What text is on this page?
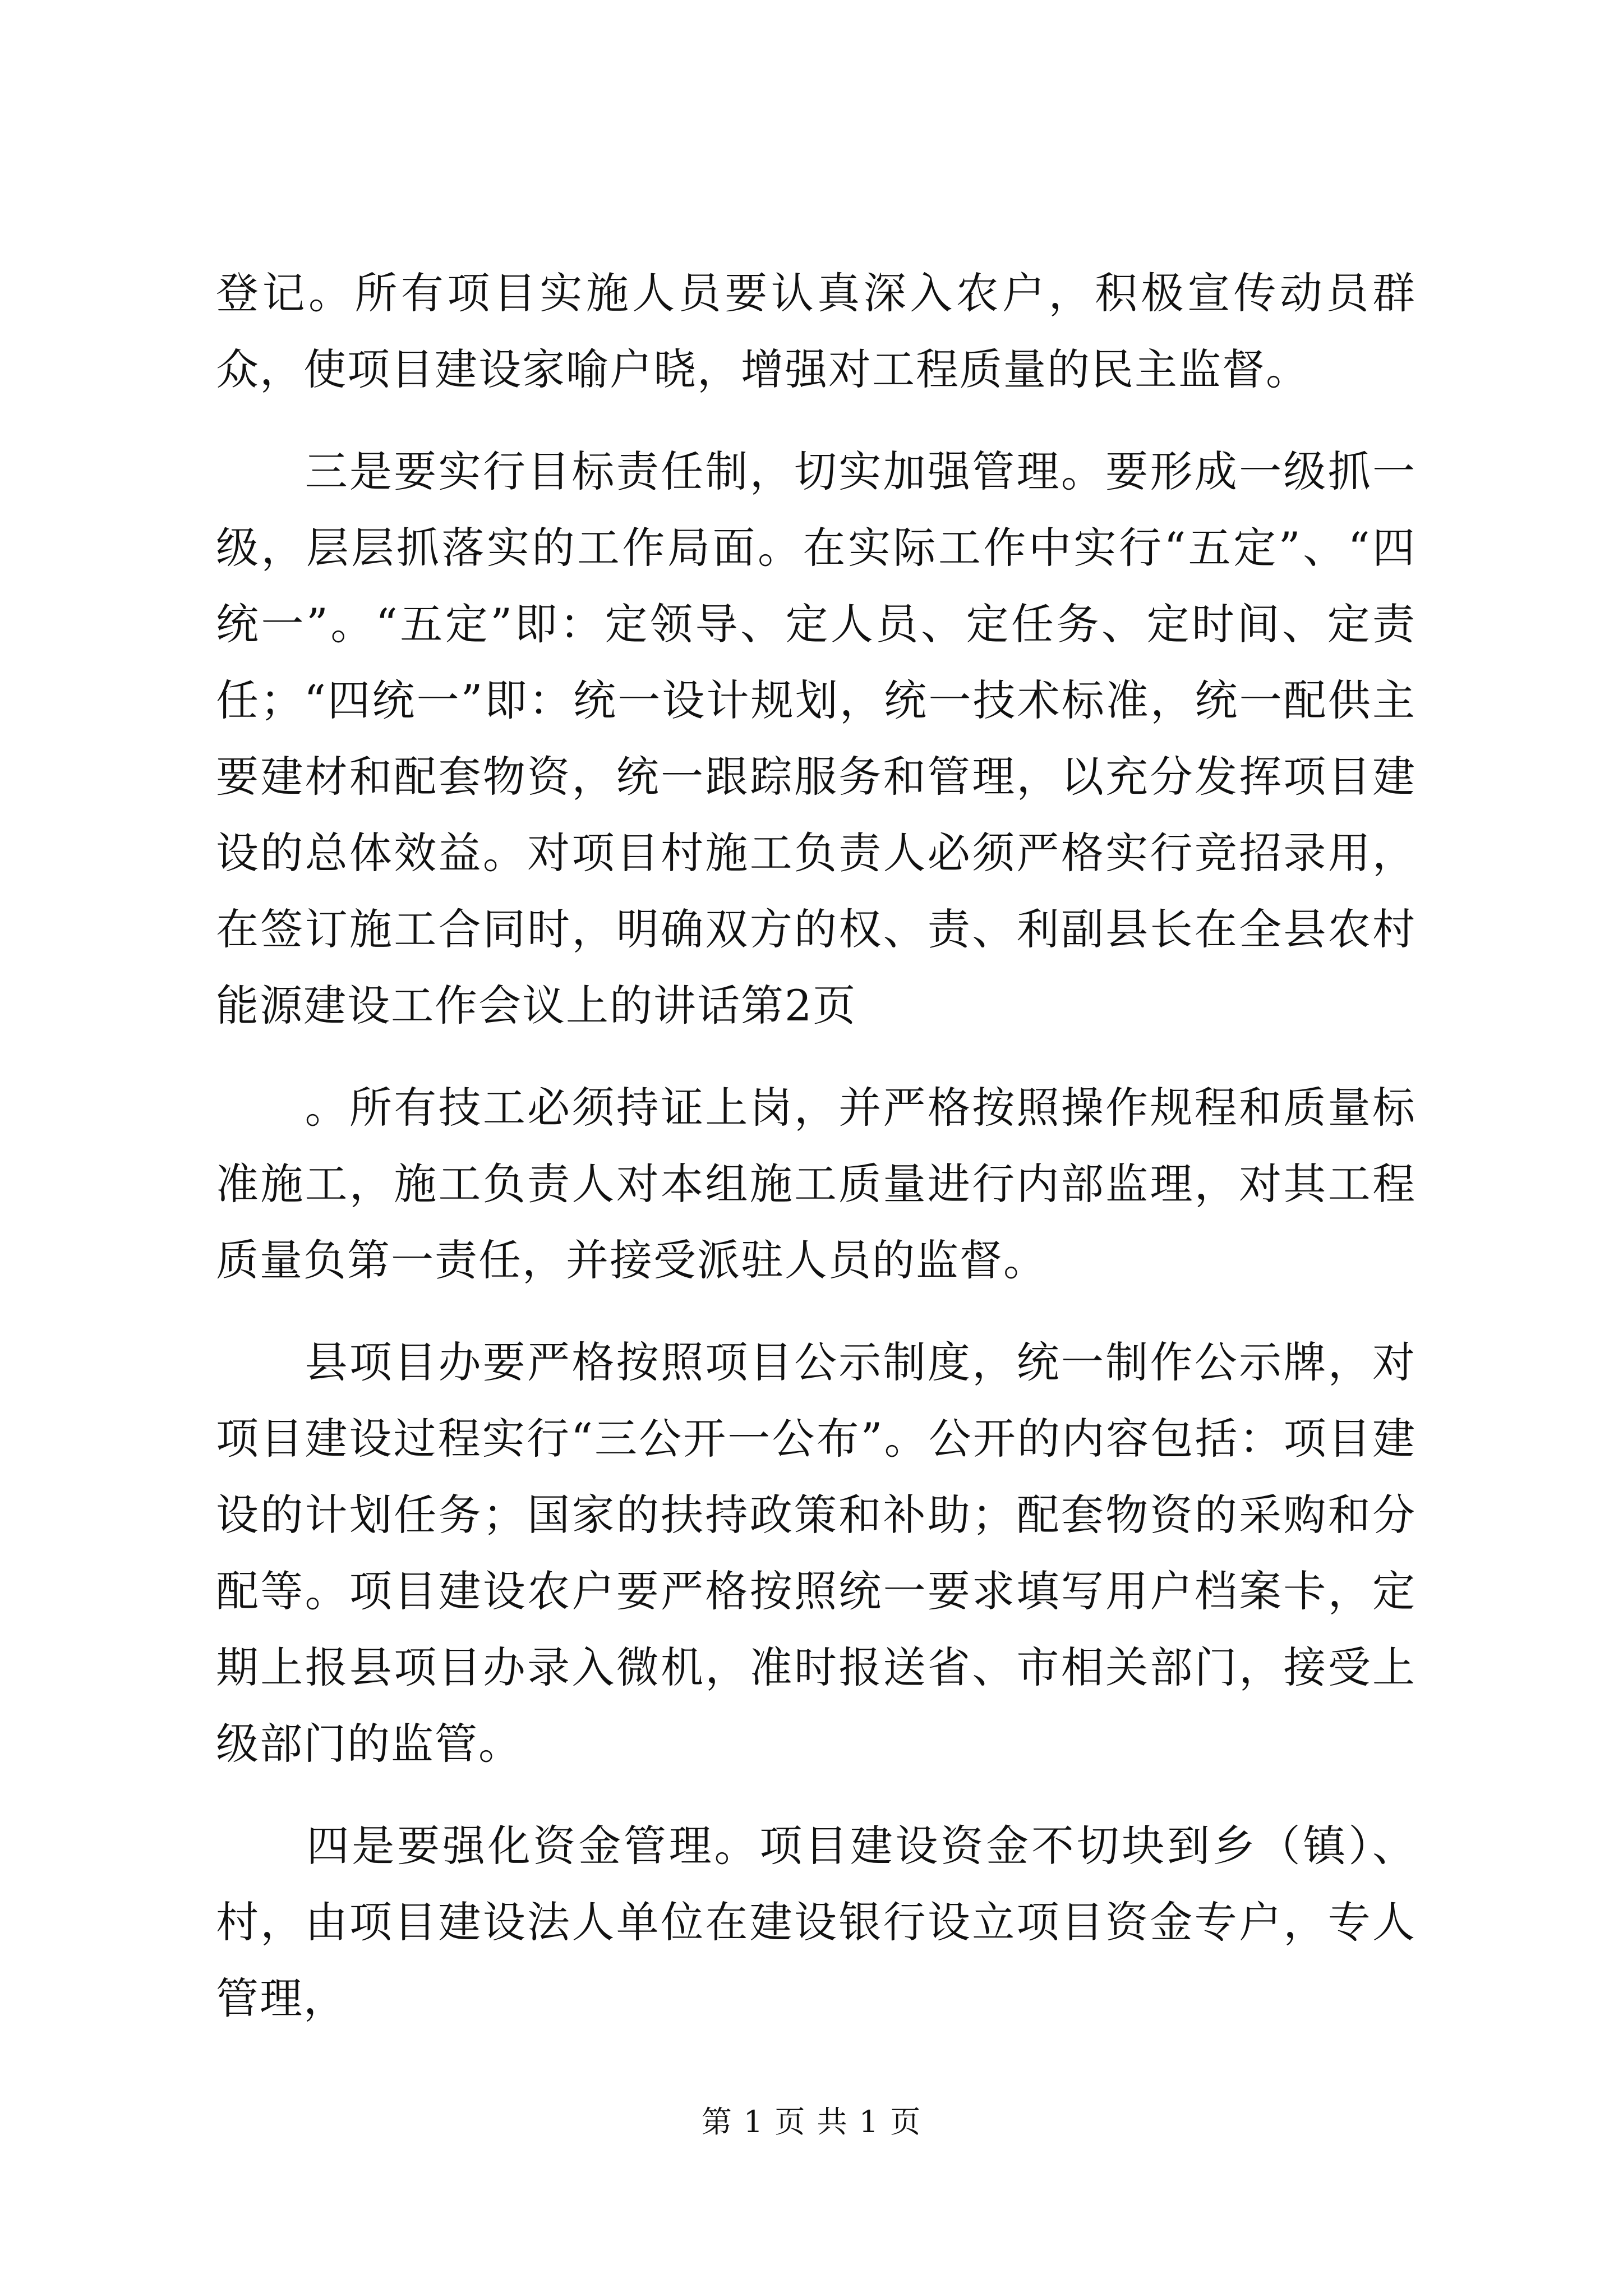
登记。所有项目实施人员要认真深入农户，积极宣传动员群众，使项目建设家喻户晓，增强对工程质量的民主监督。

　　三是要实行目标责任制，切实加强管理。要形成一级抓一级，层层抓落实的工作局面。在实际工作中实行“五定”、“四统一”。“五定”即：定领导、定人员、定任务、定时间、定责任；“四统一”即：统一设计规划，统一技术标准，统一配供主要建材和配套物资，统一跟踪服务和管理，以充分发挥项目建设的总体效益。对项目村施工负责人必须严格实行竞招录用，在签订施工合同时，明确双方的权、责、利副县长在全县农村能源建设工作会议上的讲话第2页

　　。所有技工必须持证上岗，并严格按照操作规程和质量标准施工，施工负责人对本组施工质量进行内部监理，对其工程质量负第一责任，并接受派驻人员的监督。

　　县项目办要严格按照项目公示制度，统一制作公示牌，对项目建设过程实行“三公开一公布”。公开的内容包括：项目建设的计划任务；国家的扶持政策和补助；配套物资的采购和分配等。项目建设农户要严格按照统一要求填写用户档案卡，定期上报县项目办录入微机，准时报送省、市相关部门，接受上级部门的监管。

　　四是要强化资金管理。项目建设资金不切块到乡（镇）、村，由项目建设法人单位在建设银行设立项目资金专户，专人管理，

第 1 页 共 1 页
